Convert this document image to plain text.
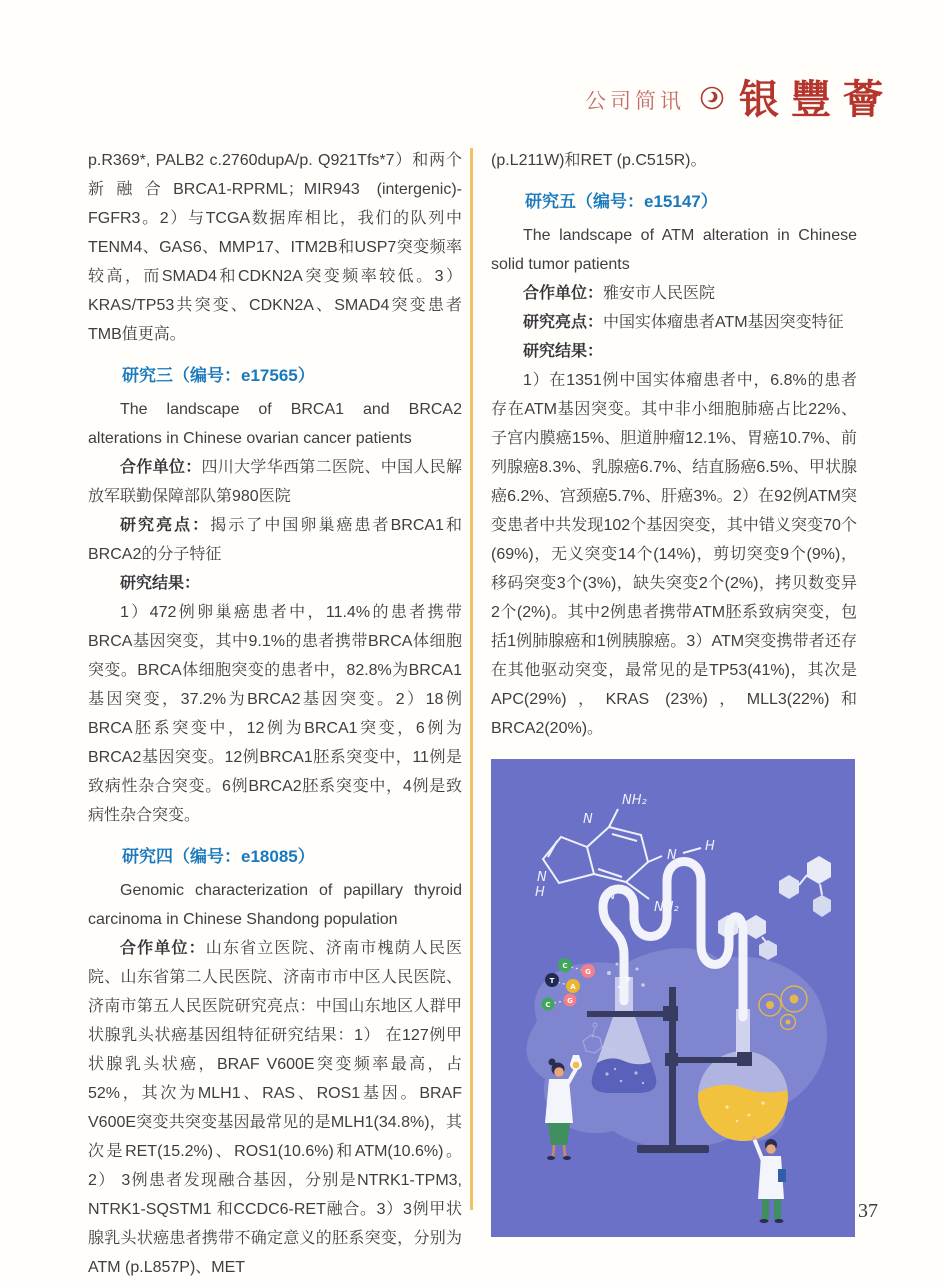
公司简讯 银豐薈

p.R369*, PALB2 c.2760dupA/p. Q921Tfs*7）和两个新融合BRCA1-RPRML；MIR943 (intergenic)-FGFR3。2）与TCGA数据库相比，我们的队列中TENM4、GAS6、MMP17、ITM2B和USP7突变频率较高，而SMAD4和CDKN2A突变频率较低。3）KRAS/TP53共突变、CDKN2A、SMAD4突变患者TMB值更高。

研究三（编号：e17565）

The landscape of BRCA1 and BRCA2 alterations in Chinese ovarian cancer patients

合作单位：四川大学华西第二医院、中国人民解放军联勤保障部队第980医院

研究亮点：揭示了中国卵巢癌患者BRCA1和BRCA2的分子特征

研究结果：

1）472例卵巢癌患者中，11.4%的患者携带BRCA基因突变，其中9.1%的患者携带BRCA体细胞突变。BRCA体细胞突变的患者中，82.8%为BRCA1基因突变，37.2%为BRCA2基因突变。2）18例BRCA胚系突变中，12例为BRCA1突变，6例为BRCA2基因突变。12例BRCA1胚系突变中，11例是致病性杂合突变。6例BRCA2胚系突变中，4例是致病性杂合突变。

研究四（编号：e18085）

Genomic characterization of papillary thyroid carcinoma in Chinese Shandong population

合作单位：山东省立医院、济南市槐荫人民医院、山东省第二人民医院、济南市市中区人民医院、济南市第五人民医院研究亮点：中国山东地区人群甲状腺乳头状癌基因组特征研究结果：1） 在127例甲状腺乳头状癌，BRAF V600E突变频率最高，占52%，其次为MLH1、RAS、ROS1基因。BRAF V600E突变共突变基因最常见的是MLH1(34.8%)，其次是RET(15.2%)、ROS1(10.6%)和ATM(10.6%)。2） 3例患者发现融合基因，分别是NTRK1-TPM3, NTRK1-SQSTM1 和CCDC6-RET融合。3）3例甲状腺乳头状癌患者携带不确定意义的胚系突变，分别为ATM (p.L857P)、MET

(p.L211W)和RET (p.C515R)。

研究五（编号：e15147）

The landscape of ATM alteration in Chinese solid tumor patients

合作单位：雅安市人民医院

研究亮点：中国实体瘤患者ATM基因突变特征

研究结果：

1）在1351例中国实体瘤患者中，6.8%的患者存在ATM基因突变。其中非小细胞肺癌占比22%、子宫内膜癌15%、胆道肿瘤12.1%、胃癌10.7%、前列腺癌8.3%、乳腺癌6.7%、结直肠癌6.5%、甲状腺癌6.2%、宫颈癌5.7%、肝癌3%。2）在92例ATM突变患者中共发现102个基因突变，其中错义突变70个(69%)，无义突变14个(14%)，剪切突变9个(9%)，移码突变3个(3%)，缺失突变2个(2%)，拷贝数变异2个(2%)。其中2例患者携带ATM胚系致病突变，包括1例肺腺癌和1例胰腺癌。3）ATM突变携带者还存在其他驱动突变，最常见的是TP53(41%)，其次是APC(29%)，KRAS (23%)，MLL3(22%)和BRCA2(20%)。

N
NH₂
N
H
N
N
H
NH₂
C
G
T
A
C G
37
